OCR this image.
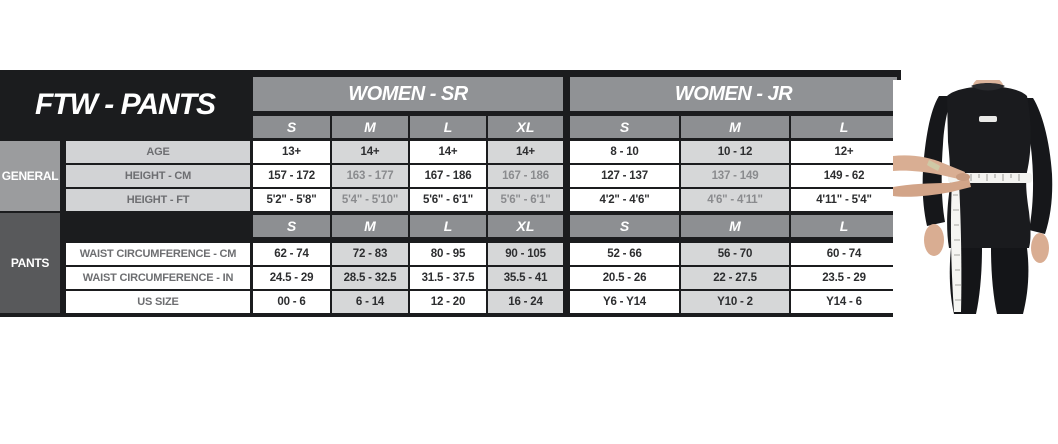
FTW - PANTS	WOMEN - SR	WOMEN - JR
S	M	L	XL	S	M	L
GENERAL
PANTS
AGE	13+	14+	14+	14+	8 - 10	10 - 12	12+
HEIGHT - CM	157 - 172	163 - 177	167 - 186	167 - 186	127 - 137	137 - 149	149 - 62
HEIGHT - FT	5'2" - 5'8"	5'4" - 5'10"	5'6" - 6'1"	5'6" - 6'1"	4'2" - 4'6"	4'6" - 4'11"	4'11" - 5'4"
S	M	L	XL	S	M	L
WAIST CIRCUMFERENCE - CM	62 - 74	72 - 83	80 - 95	90 - 105	52 - 66	56 - 70	60 - 74
WAIST CIRCUMFERENCE - IN	24.5 - 29	28.5 - 32.5	31.5 - 37.5	35.5 - 41	20.5 - 26	22 - 27.5	23.5 - 29
US SIZE	00 - 6	6 - 14	12 - 20	16 - 24	Y6 - Y14	Y10 - 2	Y14 - 6
